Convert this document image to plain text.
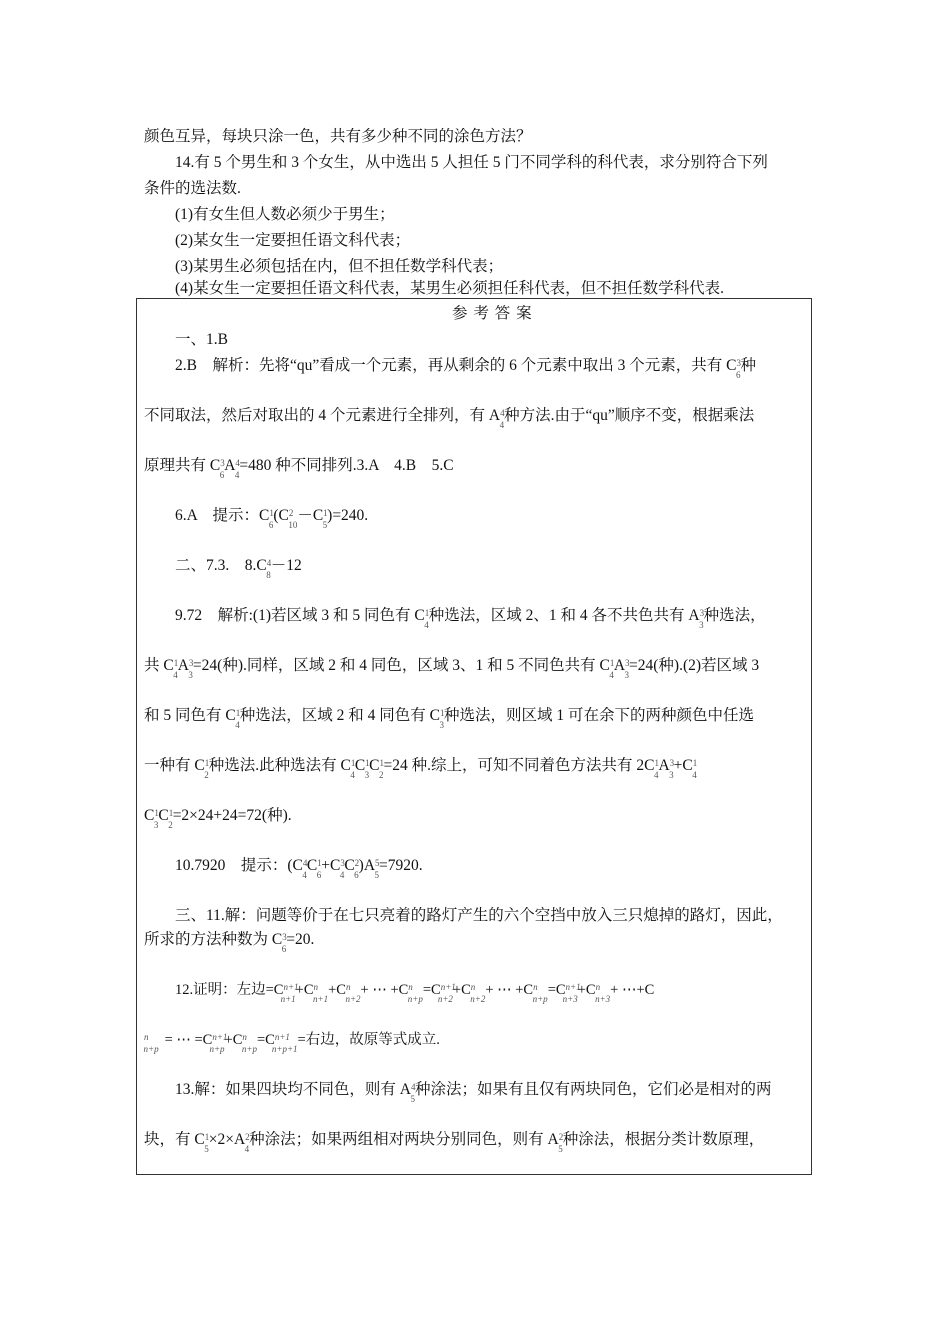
颜色互异，每块只涂一色，共有多少种不同的涂色方法？
14.有 5 个男生和 3 个女生，从中选出 5 人担任 5 门不同学科的科代表，求分别符合下列
条件的选法数.
(1)有女生但人数必须少于男生；
(2)某女生一定要担任语文科代表；
(3)某男生必须包括在内，但不担任数学科代表；
(4)某女生一定要担任语文科代表，某男生必须担任科代表，但不担任数学科代表.
参 考 答 案
一、1.B
2.B　解析：先将“qu”看成一个元素，再从剩余的 6 个元素中取出 3 个元素，共有 $C^3_6$种
不同取法，然后对取出的 4 个元素进行全排列，有 $A^4_4$种方法.由于“qu”顺序不变，根据乘法
原理共有 $C^3_6A^4_4=480$ 种不同排列.3.A　4.B　5.C
6.A　提示：$C^1_6(C^2_{10}-C^1_5)=240$.
二、7.3.　$8.C^4_8-12$
9.72　解析:(1)若区域 3 和 5 同色有 $C^1_4$种选法，区域 2、1 和 4 各不共色共有 $A^3_3$种选法，
共 $C^1_4A^3_3=24$(种).同样，区域 2 和 4 同色，区域 3、1 和 5 不同色共有 $C^1_4A^3_3=24$(种).(2)若区域 3
和 5 同色有 $C^1_4$种选法，区域 2 和 4 同色有 $C^1_3$种选法，则区域 1 可在余下的两种颜色中任选
一种有 $C^1_2$种选法.此种选法有 $C^1_4C^1_3C^1_2=24$ 种.综上，可知不同着色方法共有 $2C^1_4A^3_3+C^1_4$
$C^1_3C^1_2=2\times 24+24=72$(种).
10.7920　提示：$(C^4_4C^1_6+C^3_4C^2_6)A^5_5=7920$.
三、11.解：问题等价于在七只亮着的路灯产生的六个空挡中放入三只熄掉的路灯，因此，
所求的方法种数为 $C^3_6=20$.
12.证明：左边$=C^{n+1}_{n+1}+C^n_{n+1}+C^n_{n+2}+$ ⋯ $+C^n_{n+p}=C^{n+1}_{n+2}+C^n_{n+2}+$ ⋯ $+C^n_{n+p}=C^{n+1}_{n+3}+C^n_{n+3}+$ ⋯+C
$^n_{n+p}$= ⋯ $=C^{n+1}_{n+p}+C^n_{n+p}=C^{n+1}_{n+p+1}=$右边，故原等式成立.
13.解：如果四块均不同色，则有 $A^4_5$种涂法；如果有且仅有两块同色，它们必是相对的两
块，有 $C^1_5\times 2\times A^2_4$种涂法；如果两组相对两块分别同色，则有 $A^2_5$种涂法，根据分类计数原理，
